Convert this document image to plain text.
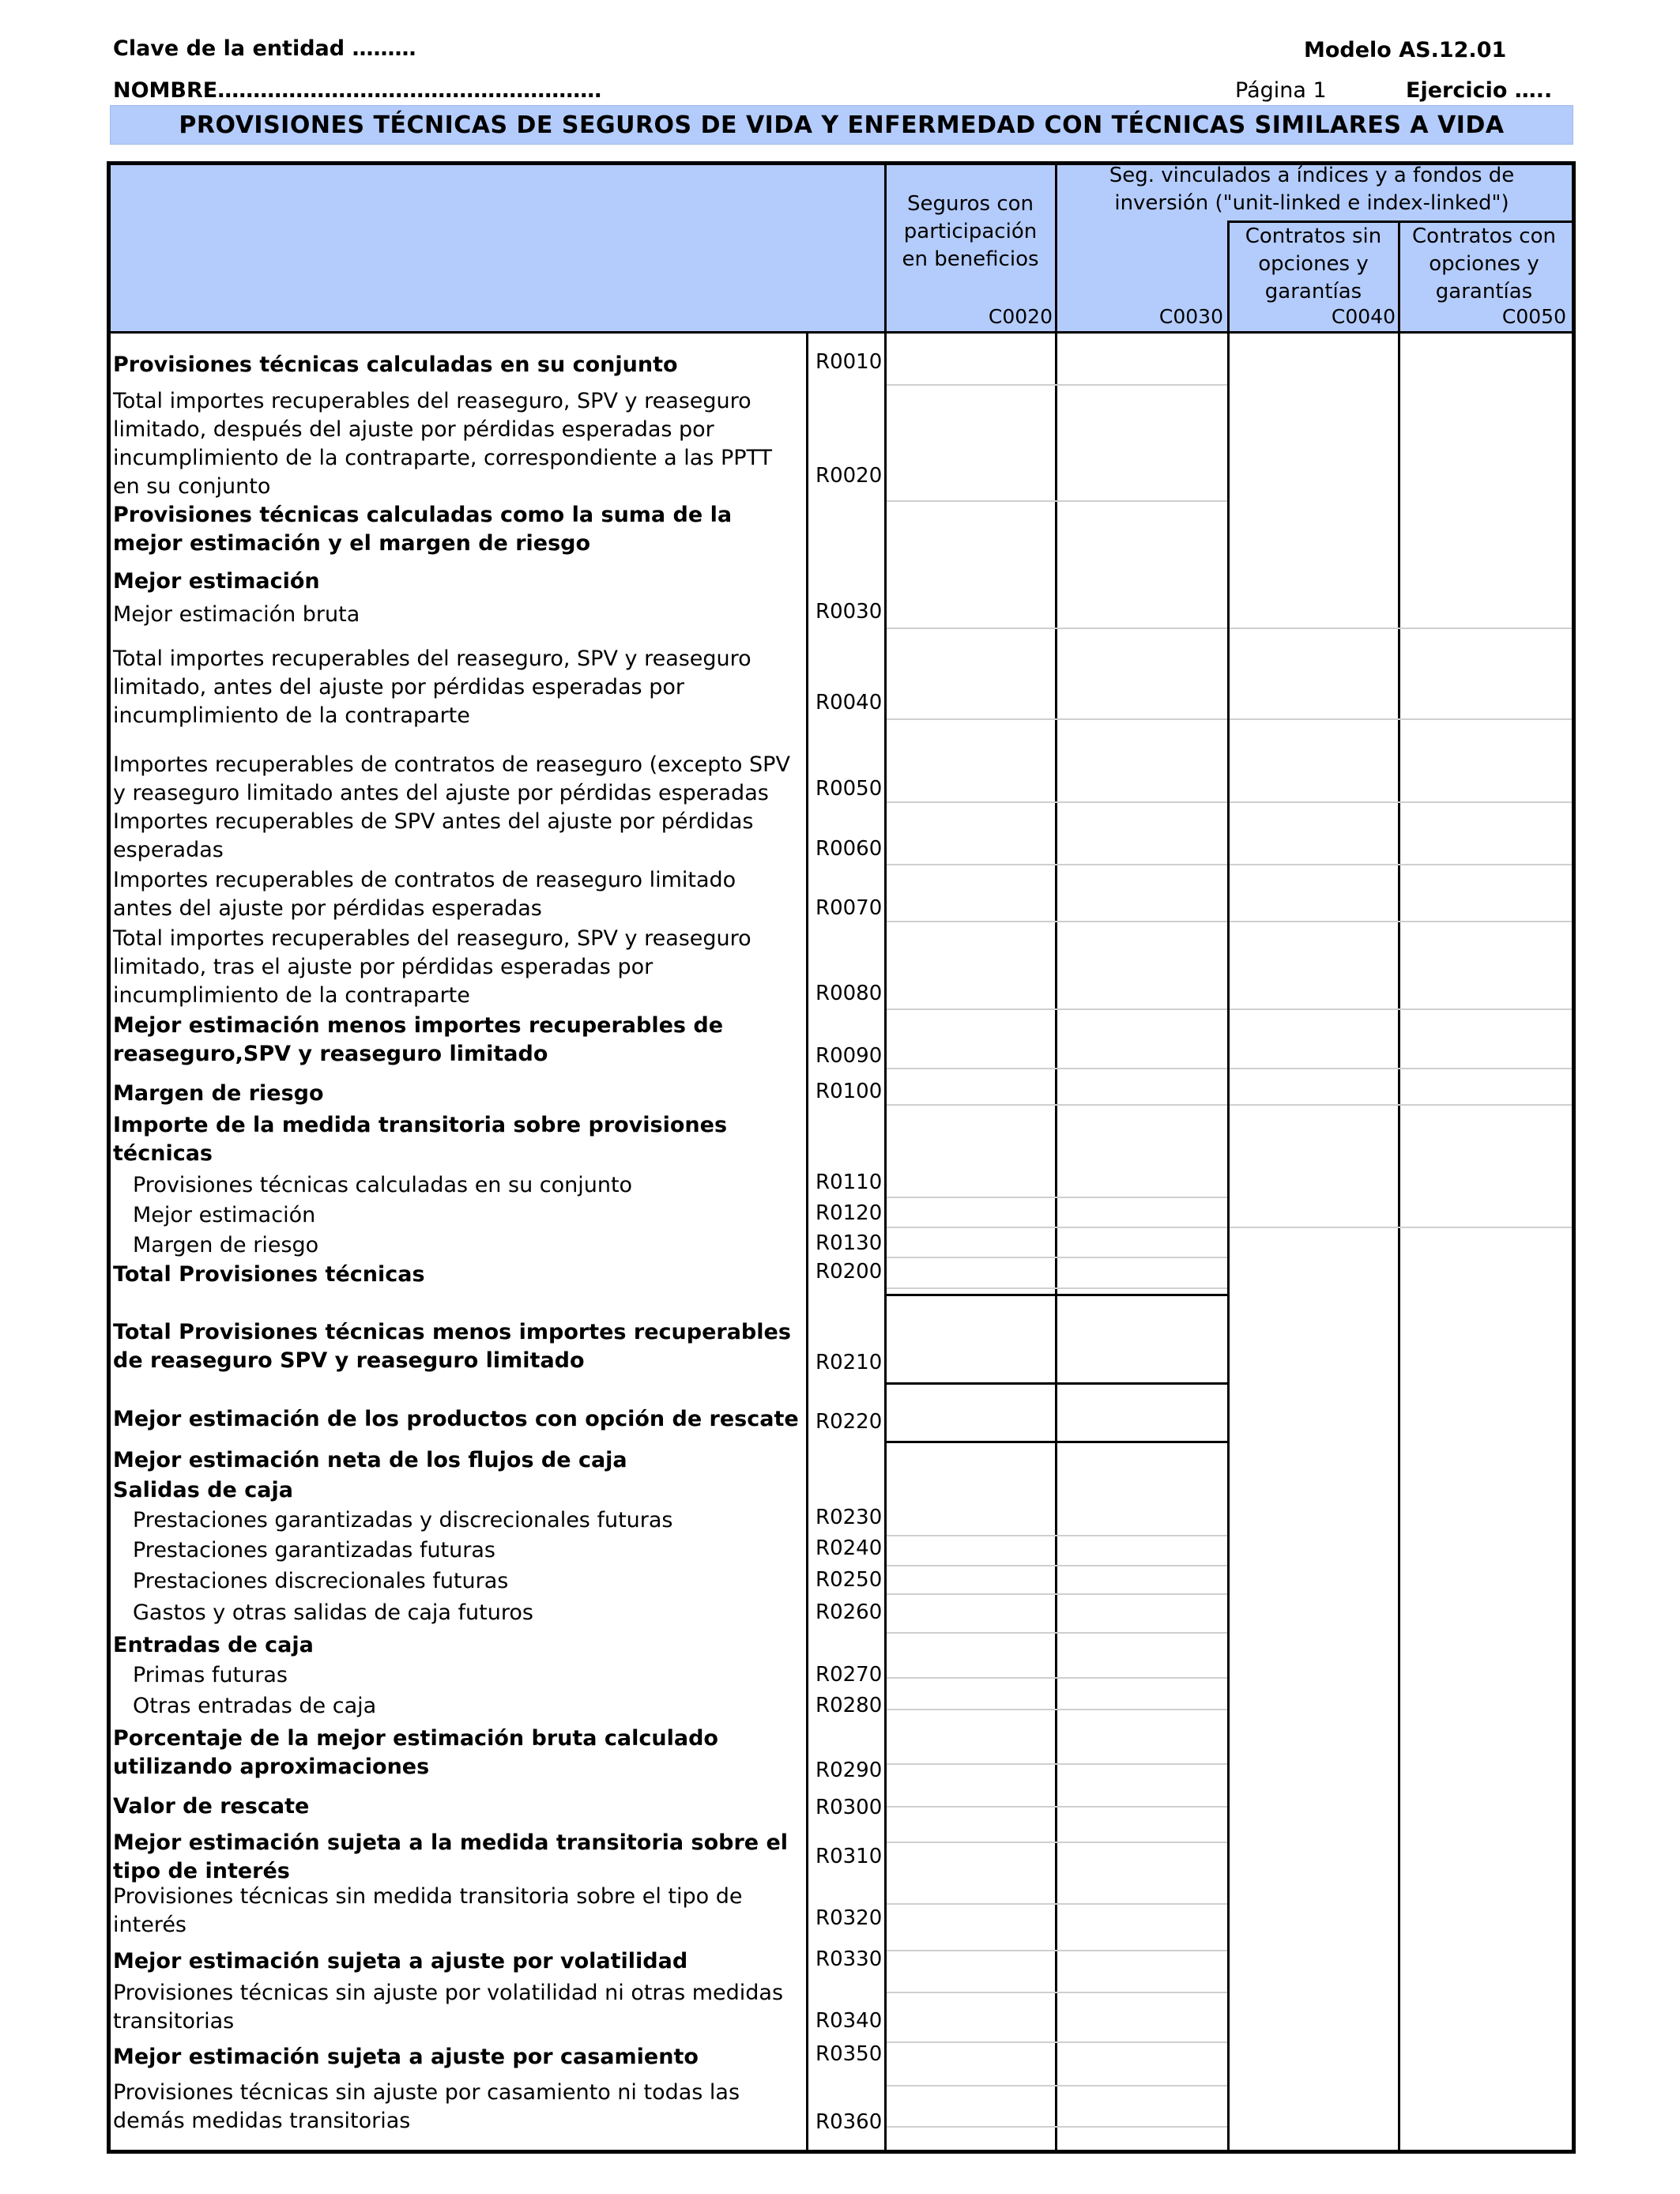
Clave de la entidad ………	Modelo AS.12.01
NOMBRE………………………………………………	Página 1	Ejercicio …..
PROVISIONES TÉCNICAS DE SEGUROS DE VIDA Y ENFERMEDAD CON TÉCNICAS SIMILARES A VIDA
Seguros con participación en beneficios
Seg. vinculados a índices y a fondos de inversión ("unit-linked e index-linked")
Contratos sin opciones y garantías
Contratos con opciones y garantías
C0020	C0030	C0040	C0050
Provisiones técnicas calculadas en su conjunto	R0010
Total importes recuperables del reaseguro, SPV y reaseguro limitado, después del ajuste por pérdidas esperadas por incumplimiento de la contraparte, correspondiente a las PPTT en su conjunto	R0020
Provisiones técnicas calculadas como la suma de la mejor estimación y el margen de riesgo
Mejor estimación
Mejor estimación bruta	R0030
Total importes recuperables del reaseguro, SPV y reaseguro limitado, antes del ajuste por pérdidas esperadas por incumplimiento de la contraparte
R0040
Importes recuperables de contratos de reaseguro (excepto SPV y reaseguro limitado antes del ajuste por pérdidas esperadas	R0050
Importes recuperables de SPV antes del ajuste por pérdidas esperadas	R0060
Importes recuperables de contratos de reaseguro limitado antes del ajuste por pérdidas esperadas	R0070
Total importes recuperables del reaseguro, SPV y reaseguro limitado, tras el ajuste por pérdidas esperadas por incumplimiento de la contraparte	R0080
Mejor estimación menos importes recuperables de reaseguro,SPV y reaseguro limitado	R0090
Margen de riesgo	R0100
Importe de la medida transitoria sobre provisiones técnicas
Provisiones técnicas calculadas en su conjunto	R0110
Mejor estimación	R0120
Margen de riesgo	R0130
Total Provisiones técnicas	R0200
Total Provisiones técnicas menos importes recuperables de reaseguro SPV y reaseguro limitado	R0210
Mejor estimación de los productos con opción de rescate R0220
Mejor estimación neta de los flujos de caja
Salidas de caja
Prestaciones garantizadas y discrecionales futuras	R0230
Prestaciones garantizadas futuras	R0240
Prestaciones discrecionales futuras	R0250
Gastos y otras salidas de caja futuros	R0260
Entradas de caja
Primas futuras	R0270
Otras entradas de caja	R0280
Porcentaje de la mejor estimación bruta calculado utilizando aproximaciones	R0290
Valor de rescate	R0300
Mejor estimación sujeta a la medida transitoria sobre el tipo de interés
R0310
Provisiones técnicas sin medida transitoria sobre el tipo de interés	R0320
Mejor estimación sujeta a ajuste por volatilidad	R0330
Provisiones técnicas sin ajuste por volatilidad ni otras medidas transitorias	R0340
Mejor estimación sujeta a ajuste por casamiento	R0350
Provisiones técnicas sin ajuste por casamiento ni todas las demás medidas transitorias	R0360
